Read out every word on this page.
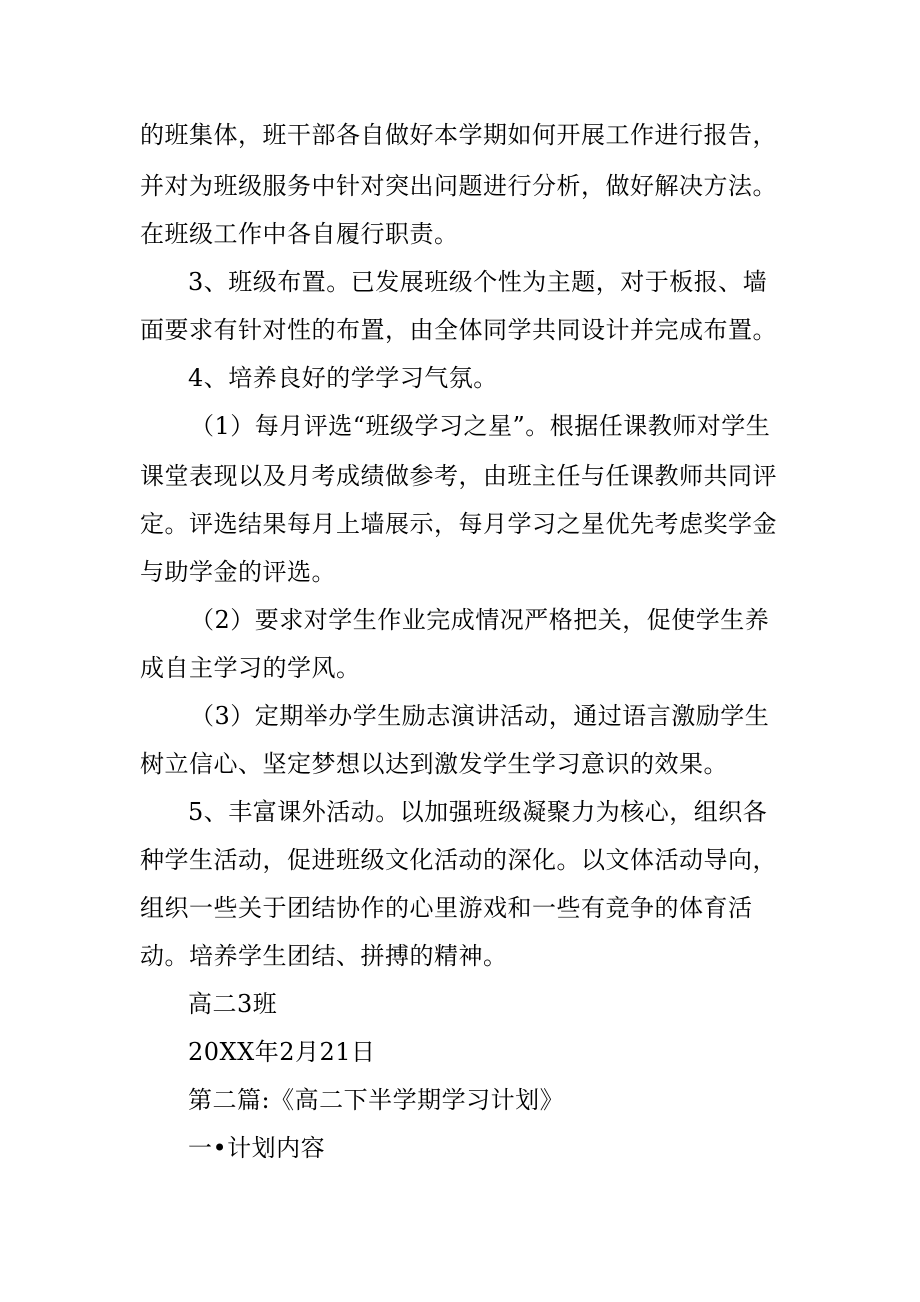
的班集体，班干部各自做好本学期如何开展工作进行报告，
并对为班级服务中针对突出问题进行分析，做好解决方法。
在班级工作中各自履行职责。
3、班级布置。已发展班级个性为主题，对于板报、墙
面要求有针对性的布置，由全体同学共同设计并完成布置。
4、培养良好的学学习气氛。
（1）每月评选“班级学习之星”。根据任课教师对学生
课堂表现以及月考成绩做参考，由班主任与任课教师共同评
定。评选结果每月上墙展示，每月学习之星优先考虑奖学金
与助学金的评选。
（2）要求对学生作业完成情况严格把关，促使学生养
成自主学习的学风。
（3）定期举办学生励志演讲活动，通过语言激励学生
树立信心、坚定梦想以达到激发学生学习意识的效果。
5、丰富课外活动。以加强班级凝聚力为核心，组织各
种学生活动，促进班级文化活动的深化。以文体活动导向，
组织一些关于团结协作的心里游戏和一些有竞争的体育活
动。培养学生团结、拼搏的精神。
高二3班
20XX年2月21日
第二篇:《高二下半学期学习计划》
一•计划内容
